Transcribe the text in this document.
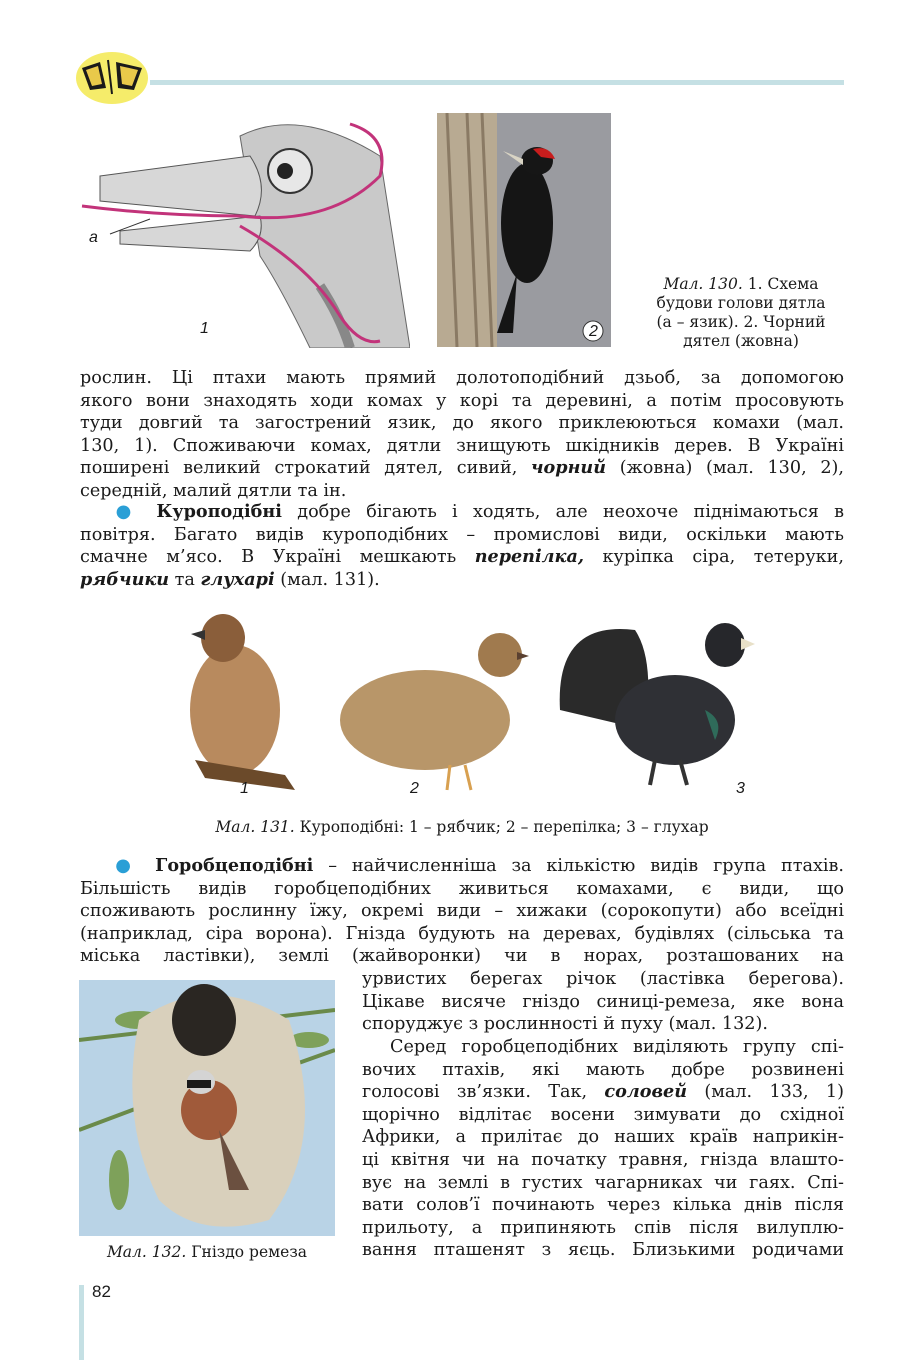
а
1	2
Мал. 130. 1. Схема
будови голови дятла
(а – язик). 2. Чорний
дятел (жовна)

рослин. Ці птахи мають прямий долотоподібний дзьоб, за допомогою

якого вони знаходять ходи комах у корі та деревині, а потім просовують

туди довгий та загострений язик, до якого приклеюються комахи (мал.

130, 1). Споживаючи комах, дятли знищують шкідників дерев. В Україні

поширені великий строкатий дятел, сивий, чорний (жовна) (мал. 130, 2),

середній, малий дятли та ін.

● Куроподібні добре бігають і ходять, але неохоче піднімаються в

повітря. Багато видів куроподібних – промислові види, оскільки мають

смачне м’ясо. В Україні мешкають перепілка, куріпка сіра, тетеруки,

рябчики та глухарі (мал. 131).

1	2	3
Мал. 131. Куроподібні: 1 – рябчик; 2 – перепілка; 3 – глухар

● Горобцеподібні – найчисленніша за кількістю видів група птахів.

Більшість видів горобцеподібних живиться комахами, є види, що

споживають рослинну їжу, окремі види – хижаки (сорокопути) або всеїдні

(наприклад, сіра ворона). Гнізда будують на деревах, будівлях (сільська та

міська ластівки), землі (жайворонки) чи в норах, розташованих на

урвистих берегах річок (ластівка берегова).

Цікаве висяче гніздо синиці-ремеза, яке вона

споруджує з рослинності й пуху (мал. 132).

Серед горобцеподібних виділяють групу спі-

вочих птахів, які мають добре розвинені

голосові зв’язки. Так, соловей (мал. 133, 1)

щорічно відлітає восени зимувати до східної

Африки, а прилітає до наших країв наприкін-

ці квітня чи на початку травня, гнізда влашто-

вує на землі в густих чагарниках чи гаях. Спі-

вати солов’ї починають через кілька днів після

прильоту, а припиняють спів після вилуплю-

вання пташенят з яєць. Близькими родичами

Мал. 132. Гніздо ремеза
82
